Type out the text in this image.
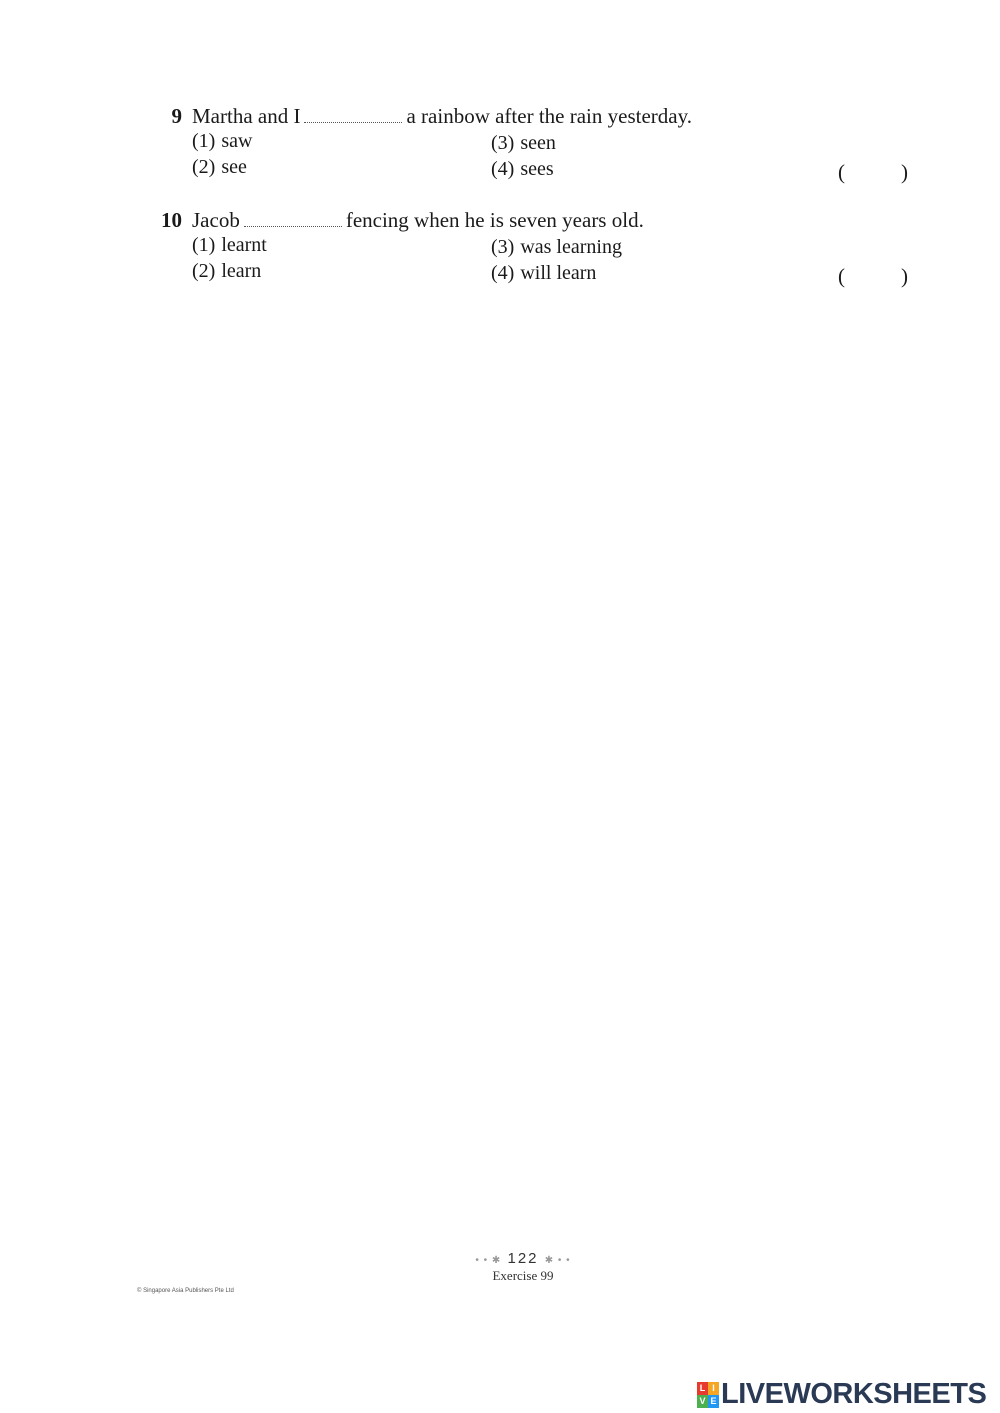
9 Martha and I	a rainbow after the rain yesterday.
(1) saw
(2) see
(3) seen
(4) sees	(	)
10 Jacob	fencing when he is seven years old.
(1) learnt
(2) learn
(3) was learning
(4) will learn	(	)
• • ✱ 122 ✱ • •
Exercise 99
© Singapore Asia Publishers Pte Ltd
L I
V E LIVEWORKSHEETS
